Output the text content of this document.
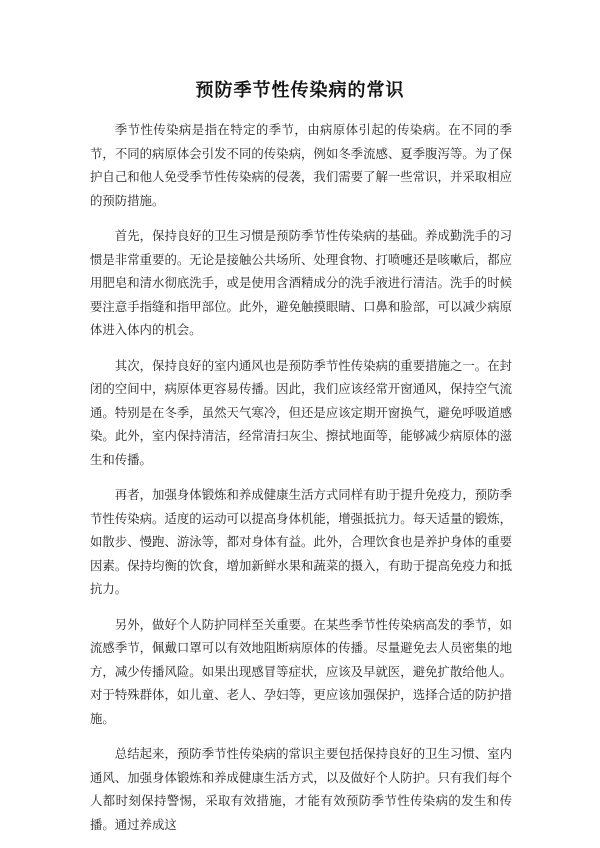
预防季节性传染病的常识

季节性传染病是指在特定的季节，由病原体引起的传染病。在不同的季节，不同的病原体会引发不同的传染病，例如冬季流感、夏季腹泻等。为了保护自己和他人免受季节性传染病的侵袭，我们需要了解一些常识，并采取相应的预防措施。

首先，保持良好的卫生习惯是预防季节性传染病的基础。养成勤洗手的习惯是非常重要的。无论是接触公共场所、处理食物、打喷嚏还是咳嗽后，都应用肥皂和清水彻底洗手，或是使用含酒精成分的洗手液进行清洁。洗手的时候要注意手指缝和指甲部位。此外，避免触摸眼睛、口鼻和脸部，可以减少病原体进入体内的机会。

其次，保持良好的室内通风也是预防季节性传染病的重要措施之一。在封闭的空间中，病原体更容易传播。因此，我们应该经常开窗通风，保持空气流通。特别是在冬季，虽然天气寒冷，但还是应该定期开窗换气，避免呼吸道感染。此外，室内保持清洁，经常清扫灰尘、擦拭地面等，能够减少病原体的滋生和传播。

再者，加强身体锻炼和养成健康生活方式同样有助于提升免疫力，预防季节性传染病。适度的运动可以提高身体机能，增强抵抗力。每天适量的锻炼，如散步、慢跑、游泳等，都对身体有益。此外，合理饮食也是养护身体的重要因素。保持均衡的饮食，增加新鲜水果和蔬菜的摄入，有助于提高免疫力和抵抗力。

另外，做好个人防护同样至关重要。在某些季节性传染病高发的季节，如流感季节，佩戴口罩可以有效地阻断病原体的传播。尽量避免去人员密集的地方，减少传播风险。如果出现感冒等症状，应该及早就医，避免扩散给他人。对于特殊群体，如儿童、老人、孕妇等，更应该加强保护，选择合适的防护措施。

总结起来，预防季节性传染病的常识主要包括保持良好的卫生习惯、室内通风、加强身体锻炼和养成健康生活方式，以及做好个人防护。只有我们每个人都时刻保持警惕，采取有效措施，才能有效预防季节性传染病的发生和传播。通过养成这
